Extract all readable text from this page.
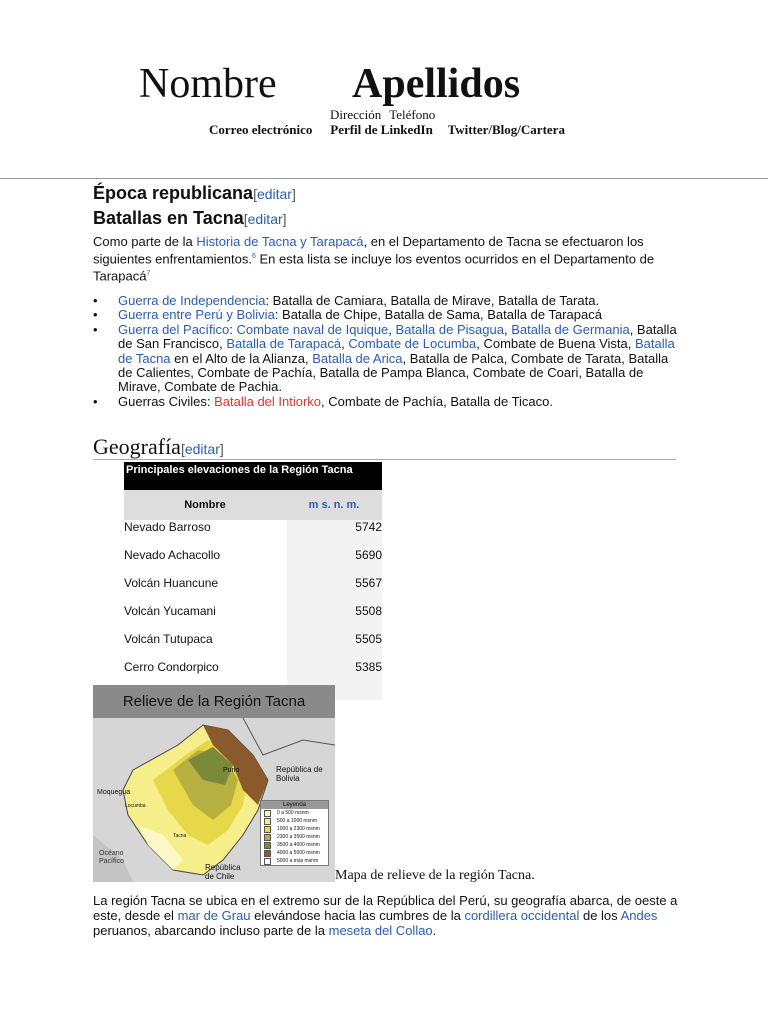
Nombre Apellidos
Dirección Teléfono
Correo electrónico Perfil de LinkedIn Twitter/Blog/Cartera
Época republicana[editar]
Batallas en Tacna[editar]
Como parte de la Historia de Tacna y Tarapacá, en el Departamento de Tacna se efectuaron los siguientes enfrentamientos.$^6$ En esta lista se incluye los eventos ocurridos en el Departamento de Tarapacá$^7$
• Guerra de Independencia: Batalla de Camiara, Batalla de Mirave, Batalla de Tarata.
• Guerra entre Perú y Bolivia: Batalla de Chipe, Batalla de Sama, Batalla de Tarapacá
• Guerra del Pacífico: Combate naval de Iquique, Batalla de Pisagua, Batalla de Germania, Batalla de San Francisco, Batalla de Tarapacá, Combate de Locumba, Combate de Buena Vista, Batalla de Tacna en el Alto de la Alianza, Batalla de Arica, Batalla de Palca, Combate de Tarata, Batalla de Calientes, Combate de Pachía, Batalla de Pampa Blanca, Combate de Coari, Batalla de Mirave, Combate de Pachia.
• Guerras Civiles: Batalla del Intiorko, Combate de Pachía, Batalla de Ticaco.
Geografía[editar]
Principales elevaciones de la Región Tacna
Nombre	m s. n. m.
Nevado Barroso	5742
Nevado Achacollo	5690
Volcán Huancune	5567
Volcán Yucamani	5508
Volcán Tutupaca	5505
Cerro Condorpico	5385
Puno
Moquegua
República de Bolivia
República de Chile
Océano Pacífico
Locumba
Tacna
Leyenda
0 a 500 msnm
500 a 1000 msnm
1000 a 2300 msnm
2300 a 3500 msnm
3500 a 4000 msnm
4000 a 5000 msnm
5000 a más msnm
Relieve de la Región Tacna
Mapa de relieve de la región Tacna.
La región Tacna se ubica en el extremo sur de la República del Perú, su geografía abarca, de oeste a este, desde el mar de Grau elevándose hacia las cumbres de la cordillera occidental de los Andes peruanos, abarcando incluso parte de la meseta del Collao.
